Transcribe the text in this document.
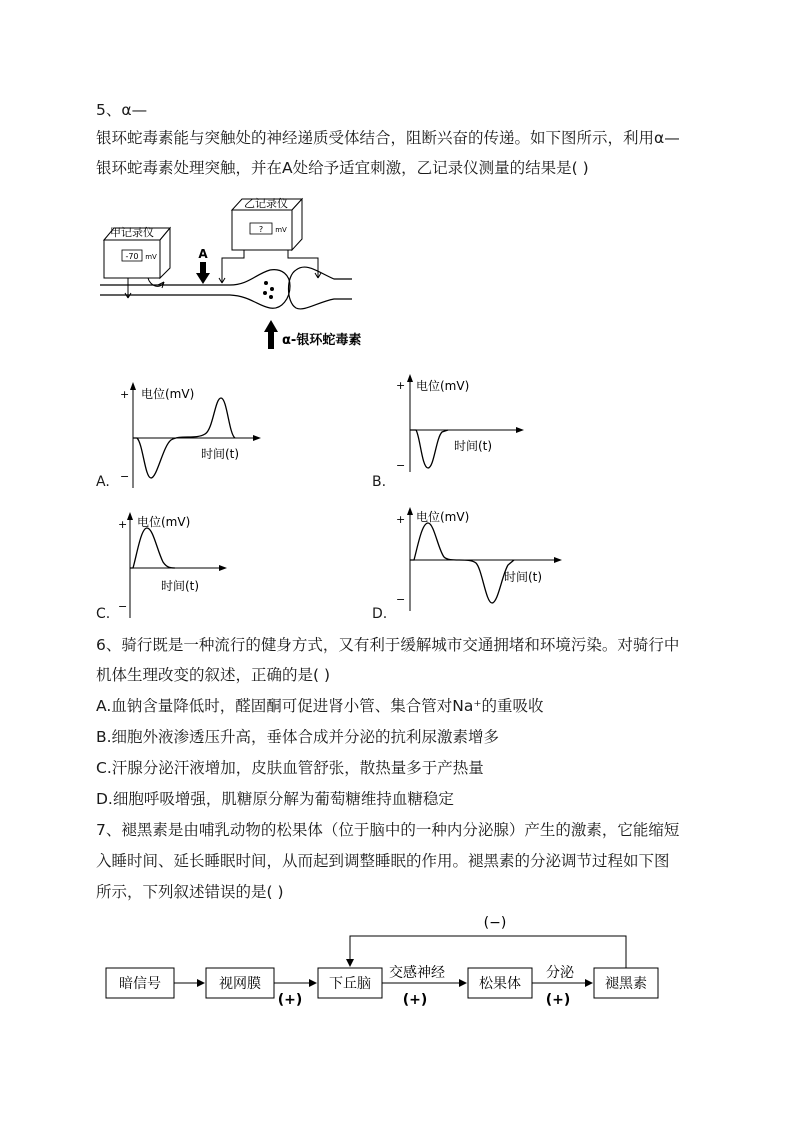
5、α—
银环蛇毒素能与突触处的神经递质受体结合，阻断兴奋的传递。如下图所示，利用α—
银环蛇毒素处理突触，并在A处给予适宜刺激，乙记录仪测量的结果是( )
甲记录仪
-70 mV
乙记录仪
? mV
A
α-银环蛇毒素
+
−
电位(mV)
时间(t)
A.
+
−
电位(mV)
时间(t)
B.
+
−
电位(mV)
时间(t)
C.
+
−
电位(mV)
时间(t)
D.
6、骑行既是一种流行的健身方式，又有利于缓解城市交通拥堵和环境污染。对骑行中
机体生理改变的叙述，正确的是( )
A.血钠含量降低时，醛固酮可促进肾小管、集合管对Na⁺的重吸收
B.细胞外液渗透压升高，垂体合成并分泌的抗利尿激素增多
C.汗腺分泌汗液增加，皮肤血管舒张，散热量多于产热量
D.细胞呼吸增强，肌糖原分解为葡萄糖维持血糖稳定
7、褪黑素是由哺乳动物的松果体（位于脑中的一种内分泌腺）产生的激素，它能缩短
入睡时间、延长睡眠时间，从而起到调整睡眠的作用。褪黑素的分泌调节过程如下图
所示，下列叙述错误的是( )
暗信号	视网膜	下丘脑	松果体	褪黑素
(−)
交感神经	分泌
(+)	(+)	(+)
